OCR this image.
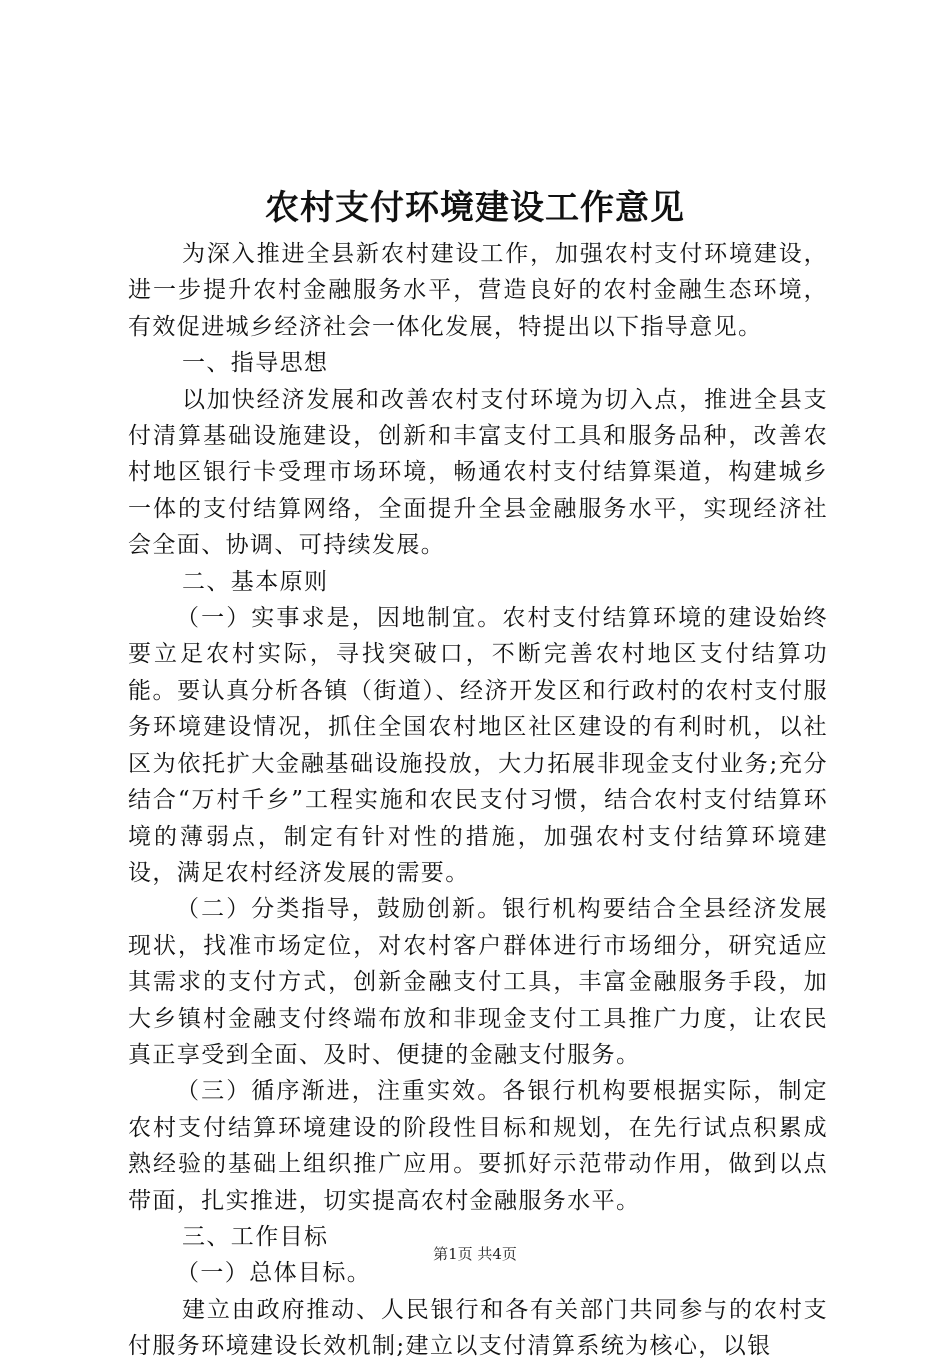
农村支付环境建设工作意见

为深入推进全县新农村建设工作，加强农村支付环境建设，进一步提升农村金融服务水平，营造良好的农村金融生态环境，有效促进城乡经济社会一体化发展，特提出以下指导意见。

一、指导思想

以加快经济发展和改善农村支付环境为切入点，推进全县支付清算基础设施建设，创新和丰富支付工具和服务品种，改善农村地区银行卡受理市场环境，畅通农村支付结算渠道，构建城乡一体的支付结算网络，全面提升全县金融服务水平，实现经济社会全面、协调、可持续发展。

二、基本原则

（一）实事求是，因地制宜。农村支付结算环境的建设始终要立足农村实际，寻找突破口，不断完善农村地区支付结算功能。要认真分析各镇（街道）、经济开发区和行政村的农村支付服务环境建设情况，抓住全国农村地区社区建设的有利时机，以社区为依托扩大金融基础设施投放，大力拓展非现金支付业务;充分结合“万村千乡”工程实施和农民支付习惯，结合农村支付结算环境的薄弱点，制定有针对性的措施，加强农村支付结算环境建设，满足农村经济发展的需要。

（二）分类指导，鼓励创新。银行机构要结合全县经济发展现状，找准市场定位，对农村客户群体进行市场细分，研究适应其需求的支付方式，创新金融支付工具，丰富金融服务手段，加大乡镇村金融支付终端布放和非现金支付工具推广力度，让农民真正享受到全面、及时、便捷的金融支付服务。

（三）循序渐进，注重实效。各银行机构要根据实际，制定农村支付结算环境建设的阶段性目标和规划，在先行试点积累成熟经验的基础上组织推广应用。要抓好示范带动作用，做到以点带面，扎实推进，切实提高农村金融服务水平。

三、工作目标

（一）总体目标。

建立由政府推动、人民银行和各有关部门共同参与的农村支付服务环境建设长效机制;建立以支付清算系统为核心，以银

第1页 共4页
